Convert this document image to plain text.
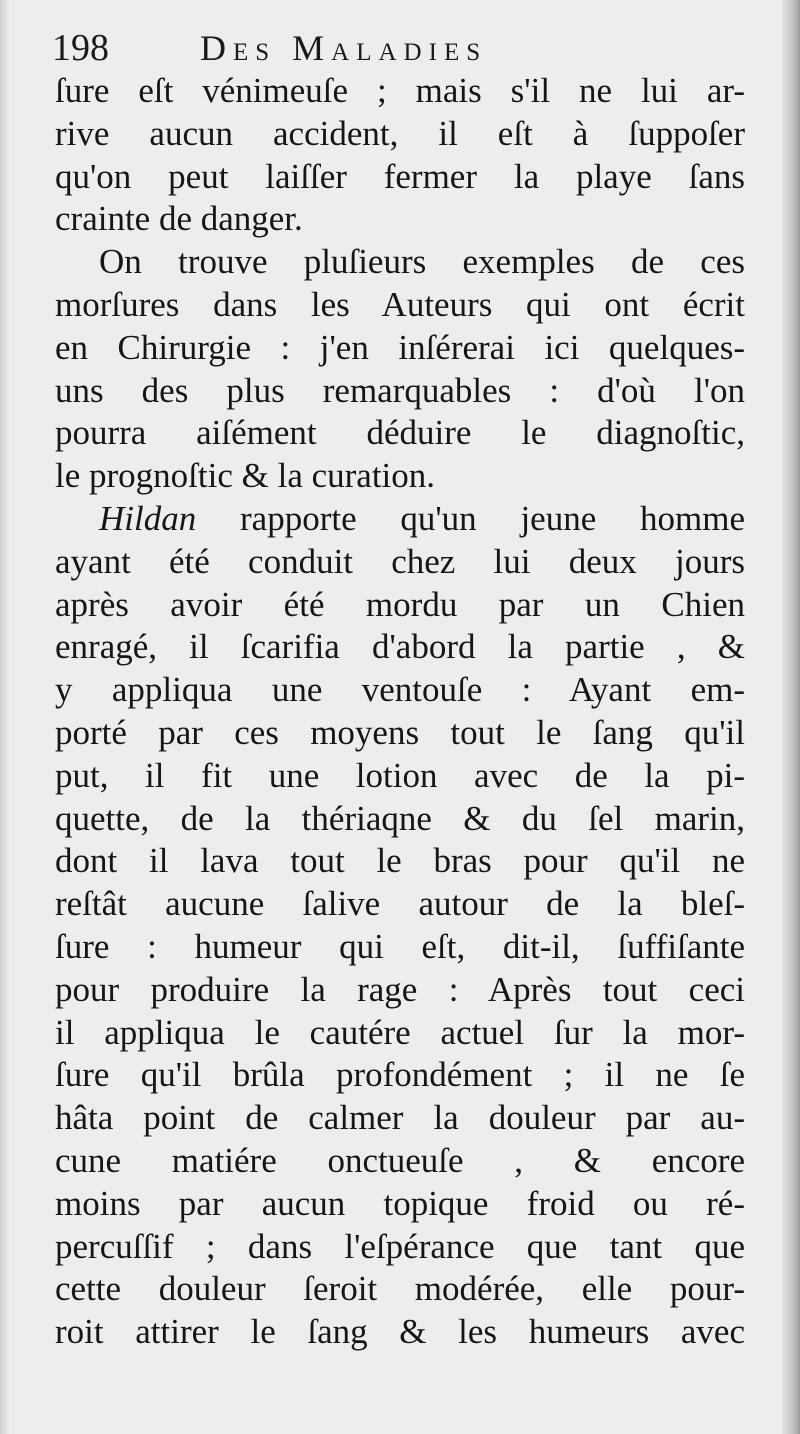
198	Des Maladies
ſure eſt vénimeuſe ; mais s'il ne lui ar-
rive aucun accident, il eſt à ſuppoſer
qu'on peut laiſſer fermer la playe ſans
crainte de danger.
On trouve pluſieurs exemples de ces
morſures dans les Auteurs qui ont écrit
en Chirurgie : j'en inſérerai ici quelques-
uns des plus remarquables : d'où l'on
pourra aiſément déduire le diagnoſtic,
le prognoſtic & la curation.
Hildan rapporte qu'un jeune homme
ayant été conduit chez lui deux jours
après avoir été mordu par un Chien
enragé, il ſcarifia d'abord la partie , &
y appliqua une ventouſe : Ayant em-
porté par ces moyens tout le ſang qu'il
put, il fit une lotion avec de la pi-
quette, de la thériaqne & du ſel marin,
dont il lava tout le bras pour qu'il ne
reſtât aucune ſalive autour de la bleſ-
ſure : humeur qui eſt, dit-il, ſuffiſante
pour produire la rage : Après tout ceci
il appliqua le cautére actuel ſur la mor-
ſure qu'il brûla profondément ; il ne ſe
hâta point de calmer la douleur par au-
cune matiére onctueuſe , & encore
moins par aucun topique froid ou ré-
percuſſif ; dans l'eſpérance que tant que
cette douleur ſeroit modérée, elle pour-
roit attirer le ſang & les humeurs avec
